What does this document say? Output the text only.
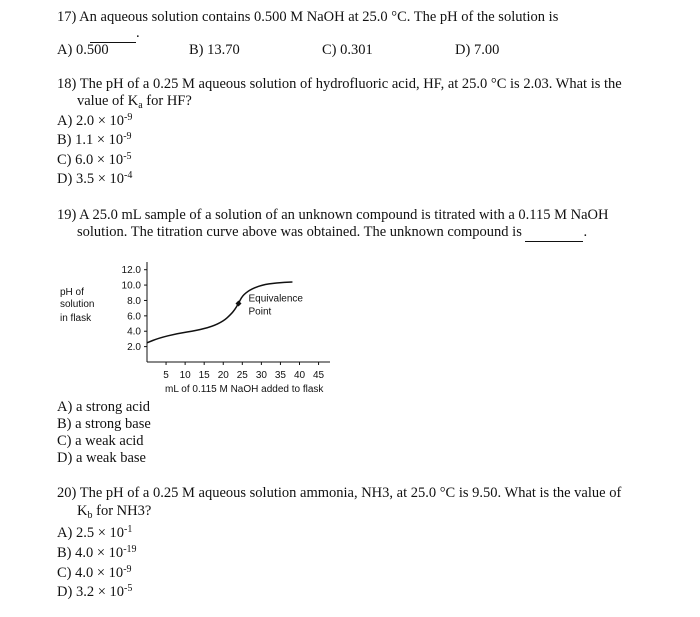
17) An aqueous solution contains 0.500 M NaOH at 25.0 °C. The pH of the solution is
.
A) 0.500	B) 13.70	C) 0.301	D) 7.00
18) The pH of a 0.25 M aqueous solution of hydrofluoric acid, HF, at 25.0 °C is 2.03. What is the
value of $K_a$ for HF?
A) $2.0 \times 10^{-9}$
B) $1.1 \times 10^{-9}$
C) $6.0 \times 10^{-5}$
D) $3.5 \times 10^{-4}$
19) A 25.0 mL sample of a solution of an unknown compound is titrated with a 0.115 M NaOH
solution. The titration curve above was obtained. The unknown compound is	.
pH of
solution
in flask
12.0
10.0
8.0
6.0
4.0
2.0
5 10 15 20 25 30 35 40 45
Equivalence
Point
mL of 0.115 M NaOH added to flask
A) a strong acid
B) a strong base
C) a weak acid
D) a weak base
20) The pH of a 0.25 M aqueous solution ammonia, NH3, at 25.0 °C is 9.50. What is the value of
$K_b$ for NH3?
A) $2.5 \times 10^{-1}$
B) $4.0 \times 10^{-19}$
C) $4.0 \times 10^{-9}$
D) $3.2 \times 10^{-5}$
